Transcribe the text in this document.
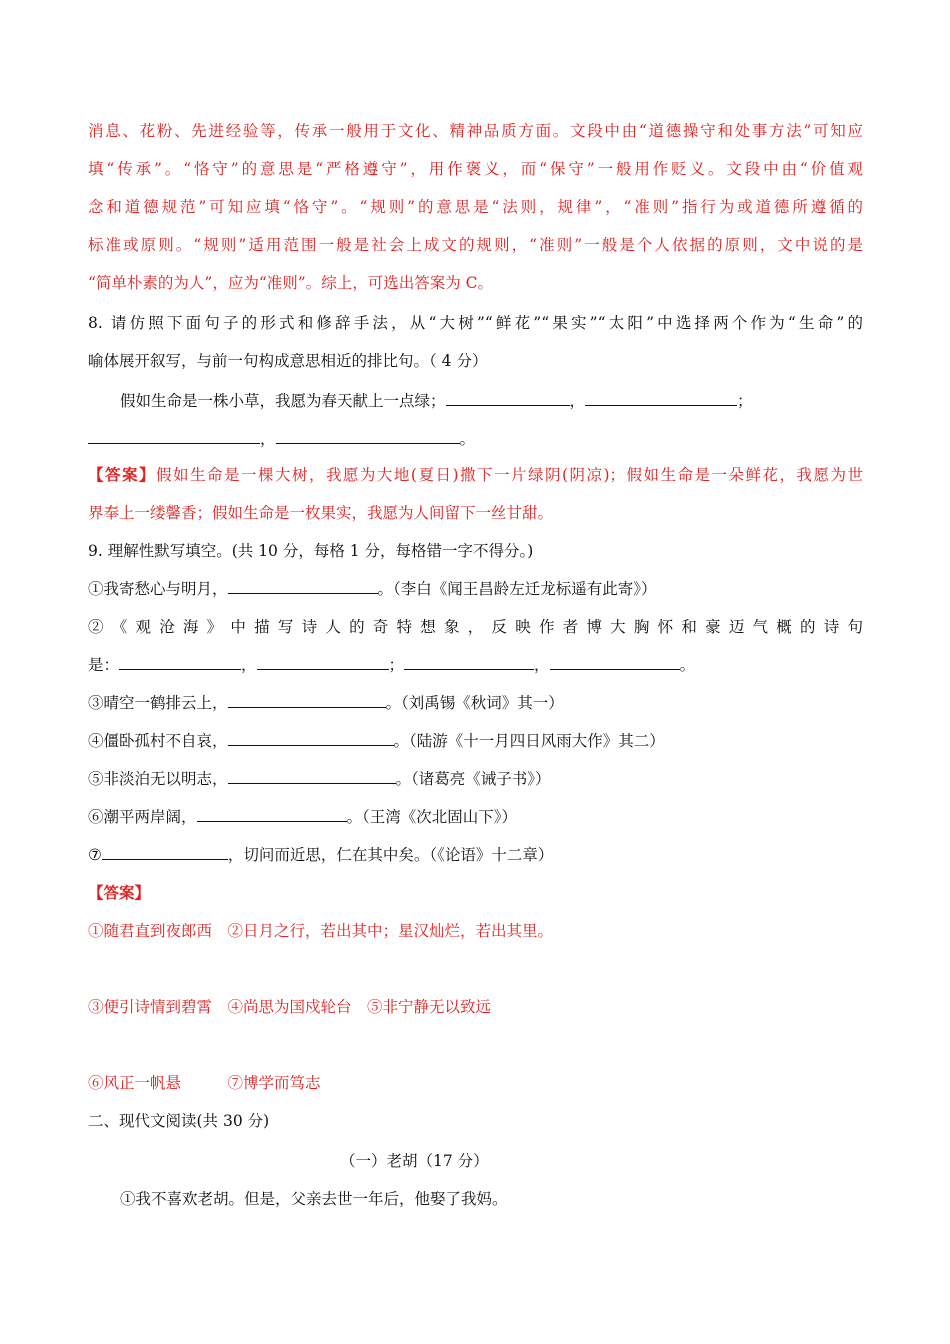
消息、花粉、先进经验等，传承一般用于文化、精神品质方面。文段中由“道德操守和处事方法”可知应
填“传承”。“恪守”的意思是“严格遵守”，用作褒义，而“保守”一般用作贬义。文段中由“价值观
念和道德规范”可知应填“恪守”。“规则”的意思是“法则，规律”，“准则”指行为或道德所遵循的
标准或原则。“规则”适用范围一般是社会上成文的规则，“准则”一般是个人依据的原则，文中说的是
“简单朴素的为人”，应为“准则”。综上，可选出答案为 C。
8. 请仿照下面句子的形式和修辞手法，从“大树”“鲜花”“果实”“太阳”中选择两个作为“生命”的
喻体展开叙写，与前一句构成意思相近的排比句。（ 4 分）
假如生命是一株小草，我愿为春天献上一点绿；	，	；
，	。
【答案】假如生命是一棵大树，我愿为大地(夏日)撒下一片绿阴(阴凉)；假如生命是一朵鲜花，我愿为世
界奉上一缕馨香；假如生命是一枚果实，我愿为人间留下一丝甘甜。
9. 理解性默写填空。(共 10 分，每格 1 分，每格错一字不得分。)
①我寄愁心与明月，	。（李白《闻王昌龄左迁龙标遥有此寄》）
② 《 观 沧 海 》 中 描 写 诗 人 的 奇 特 想 象 ， 反 映 作 者 博 大 胸 怀 和 豪 迈 气 概 的 诗 句
是：	，	；	，	。
③晴空一鹤排云上，	。（刘禹锡《秋词》其一）
④僵卧孤村不自哀，	。（陆游《十一月四日风雨大作》其二）
⑤非淡泊无以明志，	。（诸葛亮《诫子书》）
⑥潮平两岸阔，	。（王湾《次北固山下》）
⑦	，切问而近思，仁在其中矣。（《论语》十二章）
【答案】
①随君直到夜郎西　②日月之行，若出其中；星汉灿烂，若出其里。
③便引诗情到碧霄　④尚思为国戍轮台　⑤非宁静无以致远
⑥风正一帆悬　　　⑦博学而笃志
二、现代文阅读(共 30 分)
（一）老胡（17 分）
①我不喜欢老胡。但是，父亲去世一年后，他娶了我妈。
